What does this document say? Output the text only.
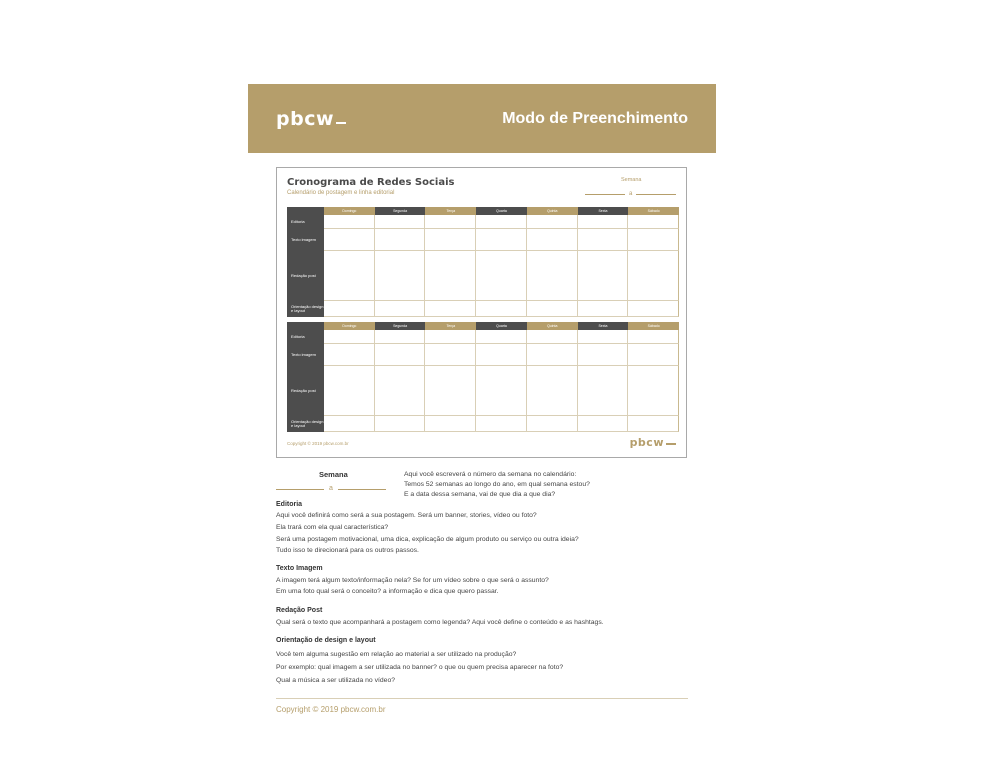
pbcw	Modo de Preenchimento
Cronograma de Redes Sociais
Calendário de postagem e linha editorial
Semana
a
Domingo	Segunda	Terça	Quarta	Quinta	Sexta	Sábado
Editoria
Texto imagem
Redação post
Orientação design e layout
Domingo	Segunda	Terça	Quarta	Quinta	Sexta	Sábado
Editoria
Texto imagem
Redação post
Orientação design e layout
Copyright © 2019 pbcw.com.br	pbcw
Semana
a
Aqui você escreverá o número da semana no calendário:
Temos 52 semanas ao longo do ano, em qual semana estou?
E a data dessa semana, vai de que dia a que dia?
Editoria
Aqui você definirá como será a sua postagem. Será um banner, stories, vídeo ou foto?
Ela trará com ela qual característica?
Será uma postagem motivacional, uma dica, explicação de algum produto ou serviço ou outra ideia?
Tudo isso te direcionará para os outros passos.
Texto Imagem
A imagem terá algum texto/informação nela? Se for um vídeo sobre o que será o assunto?
Em uma foto qual será o conceito? a informação e dica que quero passar.
Redação Post
Qual será o texto que acompanhará a postagem como legenda? Aqui você define o conteúdo e as hashtags.
Orientação de design e layout
Você tem alguma sugestão em relação ao material a ser utilizado na produção?
Por exemplo: qual imagem a ser utilizada no banner? o que ou quem precisa aparecer na foto?
Qual a música a ser utilizada no vídeo?
Copyright © 2019 pbcw.com.br
